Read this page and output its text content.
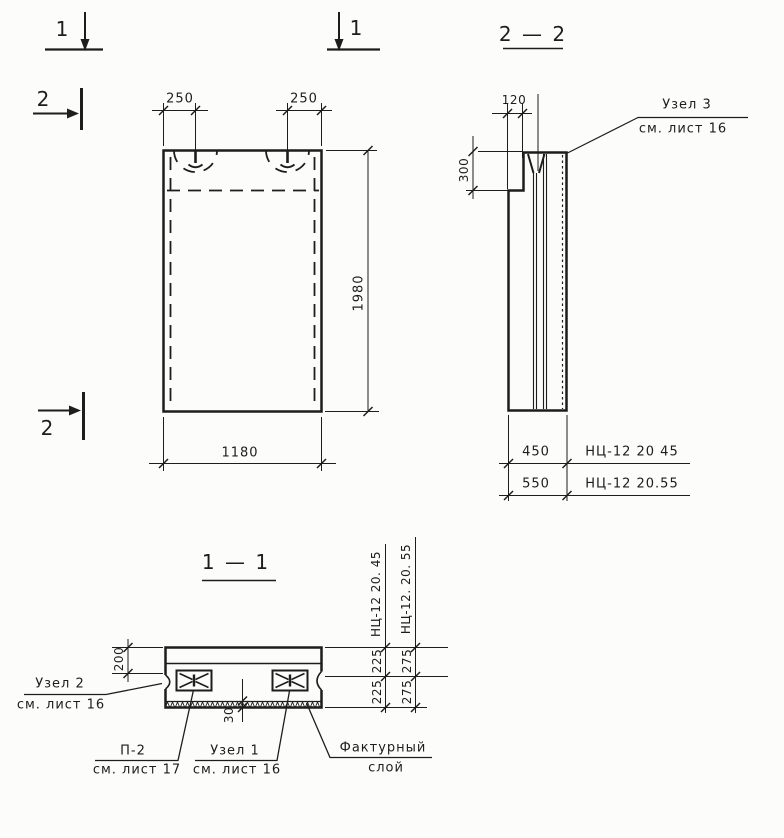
1	1
2
2
250	250
1980
1180
2 — 2
120
300
450	НЦ-12 20 45
550	НЦ-12 20.55
Узел 3
см. лист 16
1 — 1
200
30
225
225
275
275
НЦ-12 20. 45 НЦ-12. 20. 55
Узел 2
см. лист 16
П-2
см. лист 17
Узел 1
см. лист 16
Фактурный
слой
